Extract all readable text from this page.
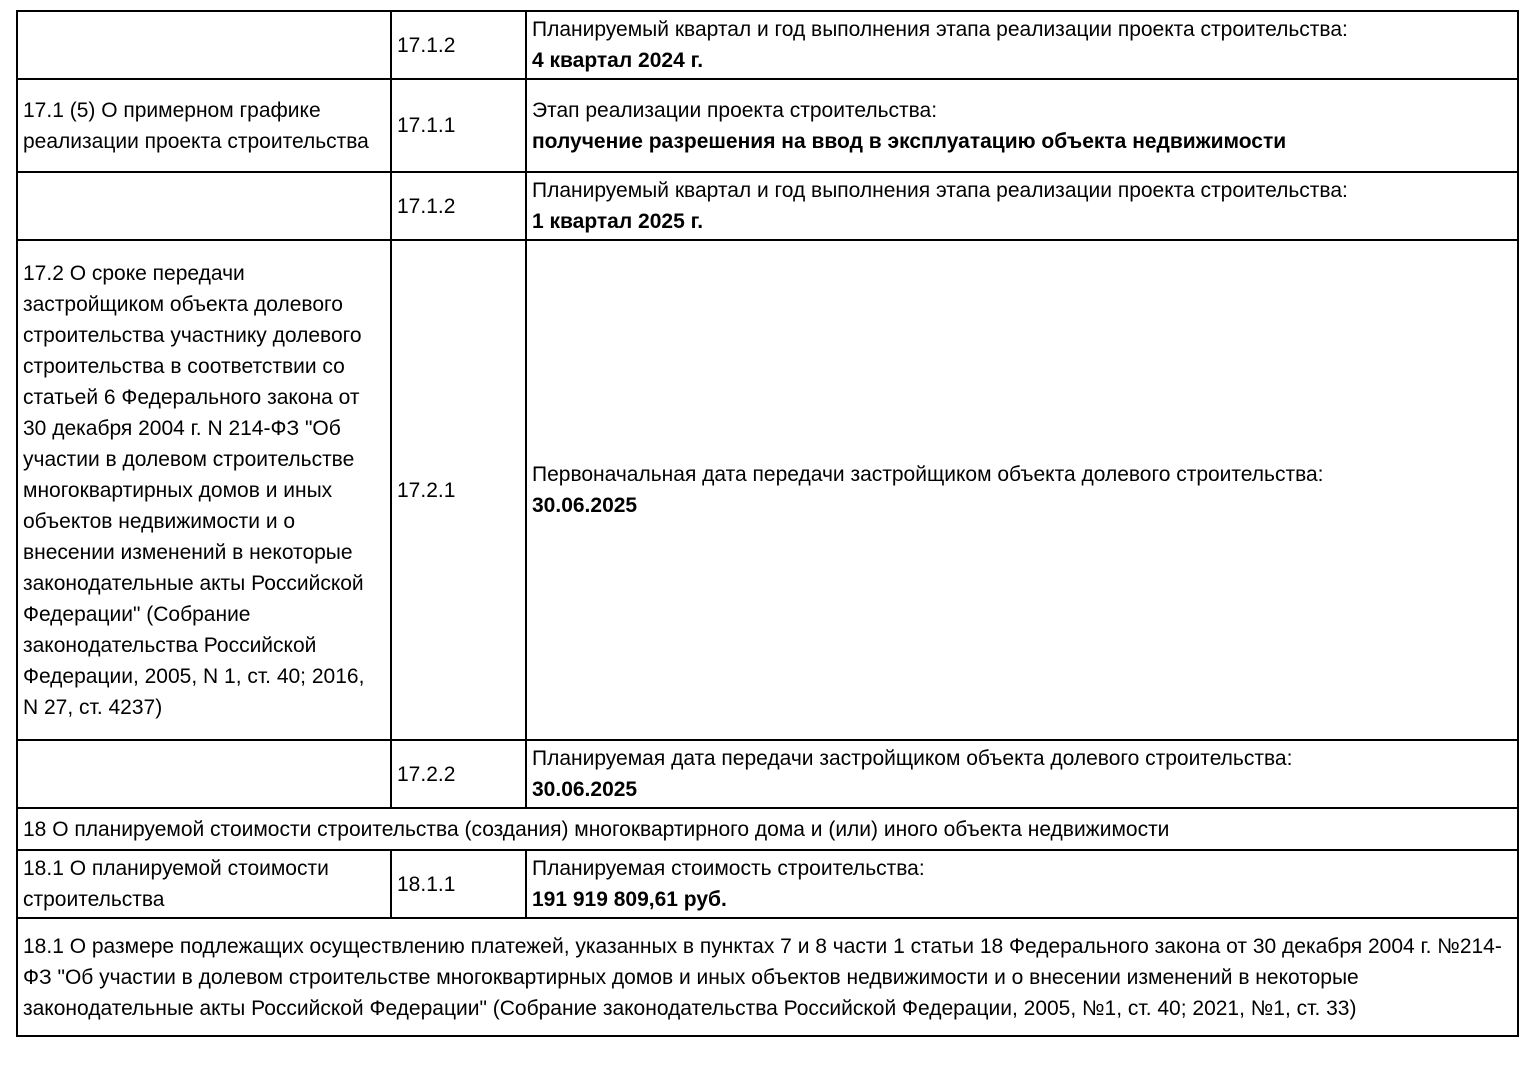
	17.1.2	Планируемый квартал и год выполнения этапа реализации проекта строительства:
4 квартал 2024 г.

17.1 (5) О примерном графике реализации проекта строительства	17.1.1	Этап реализации проекта строительства:
получение разрешения на ввод в эксплуатацию объекта недвижимости

	17.1.2	Планируемый квартал и год выполнения этапа реализации проекта строительства:
1 квартал 2025 г.

17.2 О сроке передачи застройщиком объекта долевого строительства участнику долевого строительства в соответствии со статьей 6 Федерального закона от 30 декабря 2004 г. N 214-ФЗ "Об участии в долевом строительстве многоквартирных домов и иных объектов недвижимости и о внесении изменений в некоторые законодательные акты Российской Федерации" (Собрание законодательства Российской Федерации, 2005, N 1, ст. 40; 2016, N 27, ст. 4237)	17.2.1	Первоначальная дата передачи застройщиком объекта долевого строительства:
30.06.2025

	17.2.2	Планируемая дата передачи застройщиком объекта долевого строительства:
30.06.2025

18 О планируемой стоимости строительства (создания) многоквартирного дома и (или) иного объекта недвижимости		
18.1 О планируемой стоимости строительства	18.1.1	Планируемая стоимость строительства:
191 919 809,61 руб.

18.1 О размере подлежащих осуществлению платежей, указанных в пунктах 7 и 8 части 1 статьи 18 Федерального закона от 30 декабря 2004 г. №214-ФЗ "Об участии в долевом строительстве многоквартирных домов и иных объектов недвижимости и о внесении изменений в некоторые законодательные акты Российской Федерации" (Собрание законодательства Российской Федерации, 2005, №1, ст. 40; 2021, №1, ст. 33)		
